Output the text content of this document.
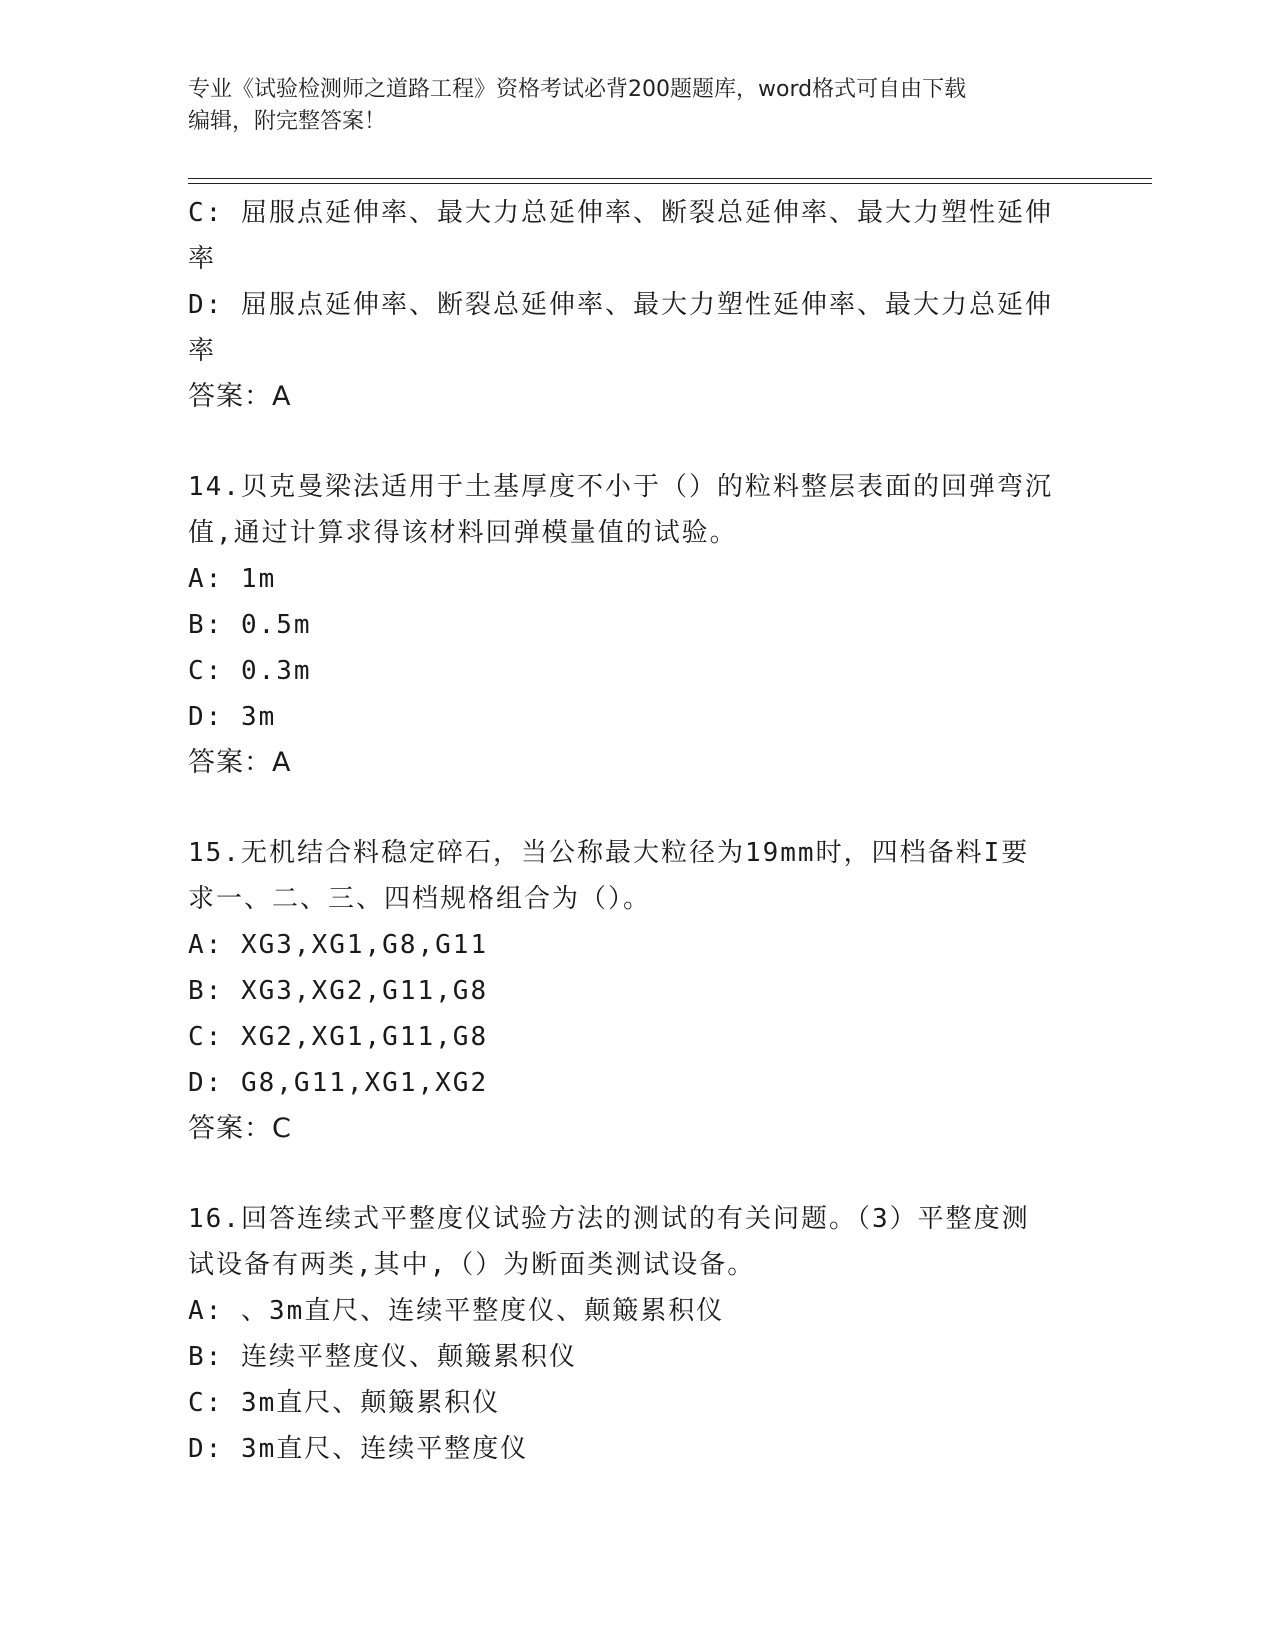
专业《试验检测师之道路工程》资格考试必背200题题库，word格式可自由下载
编辑，附完整答案！
C: 屈服点延伸率、最大力总延伸率、断裂总延伸率、最大力塑性延伸
率
D: 屈服点延伸率、断裂总延伸率、最大力塑性延伸率、最大力总延伸
率
答案：A
14.贝克曼梁法适用于土基厚度不小于（）的粒料整层表面的回弹弯沉
值,通过计算求得该材料回弹模量值的试验。
A: 1m
B: 0.5m
C: 0.3m
D: 3m
答案：A
15.无机结合料稳定碎石，当公称最大粒径为19mm时，四档备料I要
求一、二、三、四档规格组合为（）。
A: XG3,XG1,G8,G11
B: XG3,XG2,G11,G8
C: XG2,XG1,G11,G8
D: G8,G11,XG1,XG2
答案：C
16.回答连续式平整度仪试验方法的测试的有关问题。（3）平整度测
试设备有两类,其中,（）为断面类测试设备。
A: 、3m直尺、连续平整度仪、颠簸累积仪
B: 连续平整度仪、颠簸累积仪
C: 3m直尺、颠簸累积仪
D: 3m直尺、连续平整度仪
